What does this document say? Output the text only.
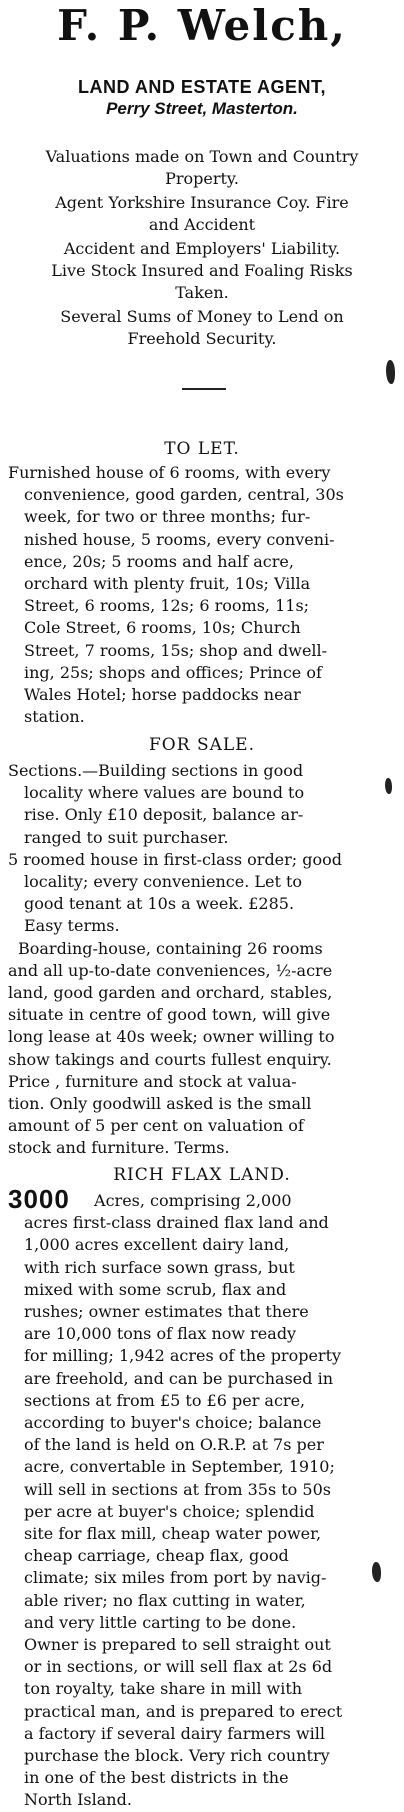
F. P. Welch,
LAND AND ESTATE AGENT,
Perry Street, Masterton.
Valuations made on Town and Country
Property.
Agent Yorkshire Insurance Coy. Fire
and Accident
Accident and Employers' Liability.
Live Stock Insured and Foaling Risks
Taken.
Several Sums of Money to Lend on
Freehold Security.
TO LET.
Furnished house of 6 rooms, with every
convenience, good garden, central, 30s
week, for two or three months; fur-
nished house, 5 rooms, every conveni-
ence, 20s; 5 rooms and half acre,
orchard with plenty fruit, 10s; Villa
Street, 6 rooms, 12s; 6 rooms, 11s;
Cole Street, 6 rooms, 10s; Church
Street, 7 rooms, 15s; shop and dwell-
ing, 25s; shops and offices; Prince of
Wales Hotel; horse paddocks near
station.
FOR SALE.
Sections.—Building sections in good
locality where values are bound to
rise. Only £10 deposit, balance ar-
ranged to suit purchaser.
5 roomed house in first-class order; good
locality; every convenience. Let to
good tenant at 10s a week. £285.
Easy terms.
Boarding-house, containing 26 rooms
and all up-to-date conveniences, ½-acre
land, good garden and orchard, stables,
situate in centre of good town, will give
long lease at 40s week; owner willing to
show takings and courts fullest enquiry.
Price , furniture and stock at valua-
tion. Only goodwill asked is the small
amount of 5 per cent on valuation of
stock and furniture. Terms.
RICH FLAX LAND.
3000 Acres, comprising 2,000
acres first-class drained flax land and
1,000 acres excellent dairy land,
with rich surface sown grass, but
mixed with some scrub, flax and
rushes; owner estimates that there
are 10,000 tons of flax now ready
for milling; 1,942 acres of the property
are freehold, and can be purchased in
sections at from £5 to £6 per acre,
according to buyer's choice; balance
of the land is held on O.R.P. at 7s per
acre, convertable in September, 1910;
will sell in sections at from 35s to 50s
per acre at buyer's choice; splendid
site for flax mill, cheap water power,
cheap carriage, cheap flax, good
climate; six miles from port by navig-
able river; no flax cutting in water,
and very little carting to be done.
Owner is prepared to sell straight out
or in sections, or will sell flax at 2s 6d
ton royalty, take share in mill with
practical man, and is prepared to erect
a factory if several dairy farmers will
purchase the block. Very rich country
in one of the best districts in the
North Island.
